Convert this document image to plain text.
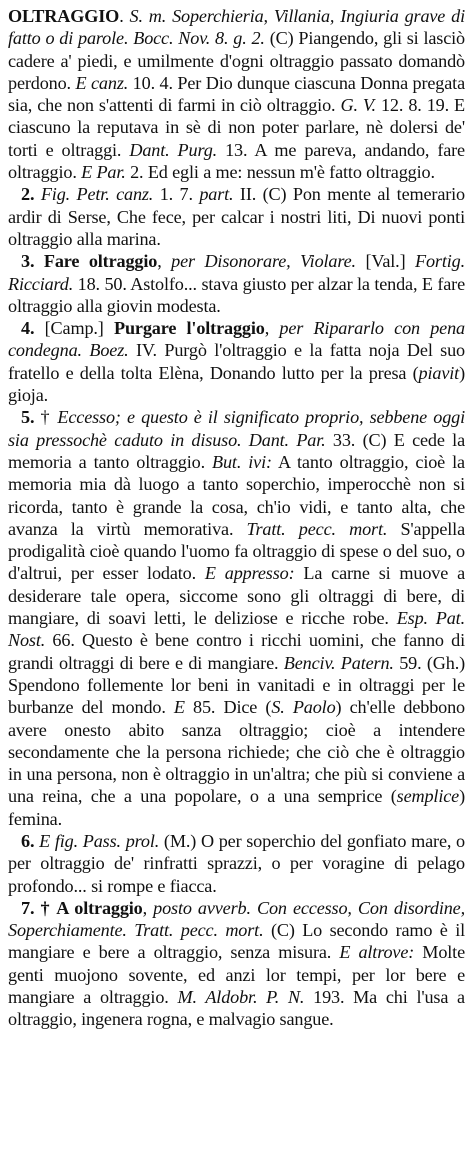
OLTRAGGIO. S. m. Soperchieria, Villania, Ingiuria grave di fatto o di parole. Bocc. Nov. 8. g. 2. (C) Piangendo, gli si lasciò cadere a' piedi, e umilmente d'ogni oltraggio passato domandò perdono. E canz. 10. 4. Per Dio dunque ciascuna Donna pregata sia, che non s'attenti di farmi in ciò oltraggio. G. V. 12. 8. 19. E ciascuno la reputava in sè di non poter parlare, nè dolersi de' torti e oltraggi. Dant. Purg. 13. A me pareva, andando, fare oltraggio. E Par. 2. Ed egli a me: nessun m'è fatto oltraggio.

2. Fig. Petr. canz. 1. 7. part. II. (C) Pon mente al temerario ardir di Serse, Che fece, per calcar i nostri liti, Di nuovi ponti oltraggio alla marina.

3. Fare oltraggio, per Disonorare, Violare. [Val.] Fortig. Ricciard. 18. 50. Astolfo... stava giusto per alzar la tenda, E fare oltraggio alla giovin modesta.

4. [Camp.] Purgare l'oltraggio, per Ripararlo con pena condegna. Boez. IV. Purgò l'oltraggio e la fatta noja Del suo fratello e della tolta Elèna, Donando lutto per la presa (piavit) gioja.

5. † Eccesso; e questo è il significato proprio, sebbene oggi sia pressochè caduto in disuso. Dant. Par. 33. (C) E cede la memoria a tanto oltraggio. But. ivi: A tanto oltraggio, cioè la memoria mia dà luogo a tanto soperchio, imperocchè non si ricorda, tanto è grande la cosa, ch'io vidi, e tanto alta, che avanza la virtù memorativa. Tratt. pecc. mort. S'appella prodigalità cioè quando l'uomo fa oltraggio di spese o del suo, o d'altrui, per esser lodato. E appresso: La carne si muove a desiderare tale opera, siccome sono gli oltraggi di bere, di mangiare, di soavi letti, le deliziose e ricche robe. Esp. Pat. Nost. 66. Questo è bene contro i ricchi uomini, che fanno di grandi oltraggi di bere e di mangiare. Benciv. Patern. 59. (Gh.) Spendono follemente lor beni in vanitadi e in oltraggi per le burbanze del mondo. E 85. Dice (S. Paolo) ch'elle debbono avere onesto abito sanza oltraggio; cioè a intendere secondamente che la persona richiede; che ciò che è oltraggio in una persona, non è oltraggio in un'altra; che più si conviene a una reina, che a una popolare, o a una semprice (semplice) femina.

6. E fig. Pass. prol. (M.) O per soperchio del gonfiato mare, o per oltraggio de' rinfratti sprazzi, o per voragine di pelago profondo... si rompe e fiacca.

7. † A oltraggio, posto avverb. Con eccesso, Con disordine, Soperchiamente. Tratt. pecc. mort. (C) Lo secondo ramo è il mangiare e bere a oltraggio, senza misura. E altrove: Molte genti muojono sovente, ed anzi lor tempi, per lor bere e mangiare a oltraggio. M. Aldobr. P. N. 193. Ma chi l'usa a oltraggio, ingenera rogna, e malvagio sangue.
